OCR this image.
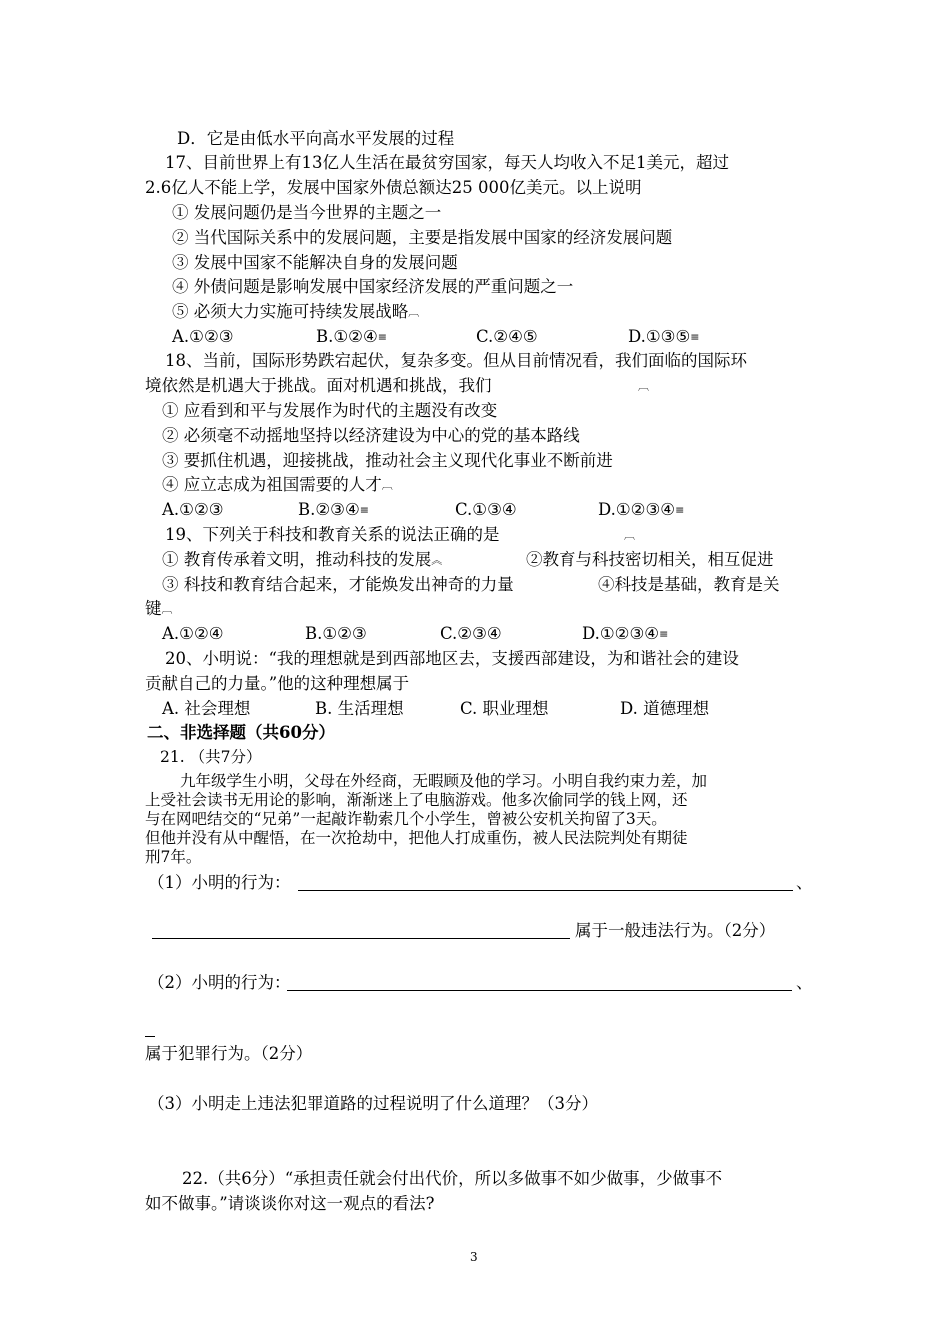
D．它是由低水平向高水平发展的过程
17、目前世界上有13亿人生活在最贫穷国家，每天人均收入不足1美元，超过
2.6亿人不能上学，发展中国家外债总额达25 000亿美元。以上说明
① 发展问题仍是当今世界的主题之一
② 当代国际关系中的发展问题，主要是指发展中国家的经济发展问题
③ 发展中国家不能解决自身的发展问题
④ 外债问题是影响发展中国家经济发展的严重问题之一
⑤ 必须大力实施可持续发展战略︹
A.①②③	B.①②④≡	C.②④⑤	D.①③⑤≡
18、当前，国际形势跌宕起伏，复杂多变。但从目前情况看，我们面临的国际环
境依然是机遇大于挑战。面对机遇和挑战，我们	︹
① 应看到和平与发展作为时代的主题没有改变
② 必须毫不动摇地坚持以经济建设为中心的党的基本路线
③ 要抓住机遇，迎接挑战，推动社会主义现代化事业不断前进
④ 应立志成为祖国需要的人才︹
A.①②③	B.②③④≡	C.①③④	D.①②③④≡
19、下列关于科技和教育关系的说法正确的是	︹
① 教育传承着文明，推动科技的发展︽	②教育与科技密切相关，相互促进
③ 科技和教育结合起来，才能焕发出神奇的力量	④科技是基础，教育是关
键︹
A.①②④	B.①②③	C.②③④	D.①②③④≡
20、小明说：“我的理想就是到西部地区去，支援西部建设，为和谐社会的建设
贡献自己的力量。”他的这种理想属于
A. 社会理想	B. 生活理想	C. 职业理想	D. 道德理想
二、非选择题（共60分）
21. （共7分）
九年级学生小明，父母在外经商，无暇顾及他的学习。小明自我约束力差，加
上受社会读书无用论的影响，渐渐迷上了电脑游戏。他多次偷同学的钱上网，还
与在网吧结交的“兄弟”一起敲诈勒索几个小学生，曾被公安机关拘留了3天。
但他并没有从中醒悟，在一次抢劫中，把他人打成重伤，被人民法院判处有期徒
刑7年。
（1）小明的行为：	、
属于一般违法行为。（2分）
（2）小明的行为：	、
属于犯罪行为。（2分）
（3）小明走上违法犯罪道路的过程说明了什么道理？（3分）
22.（共6分）“承担责任就会付出代价，所以多做事不如少做事，少做事不
如不做事。”请谈谈你对这一观点的看法?
3
